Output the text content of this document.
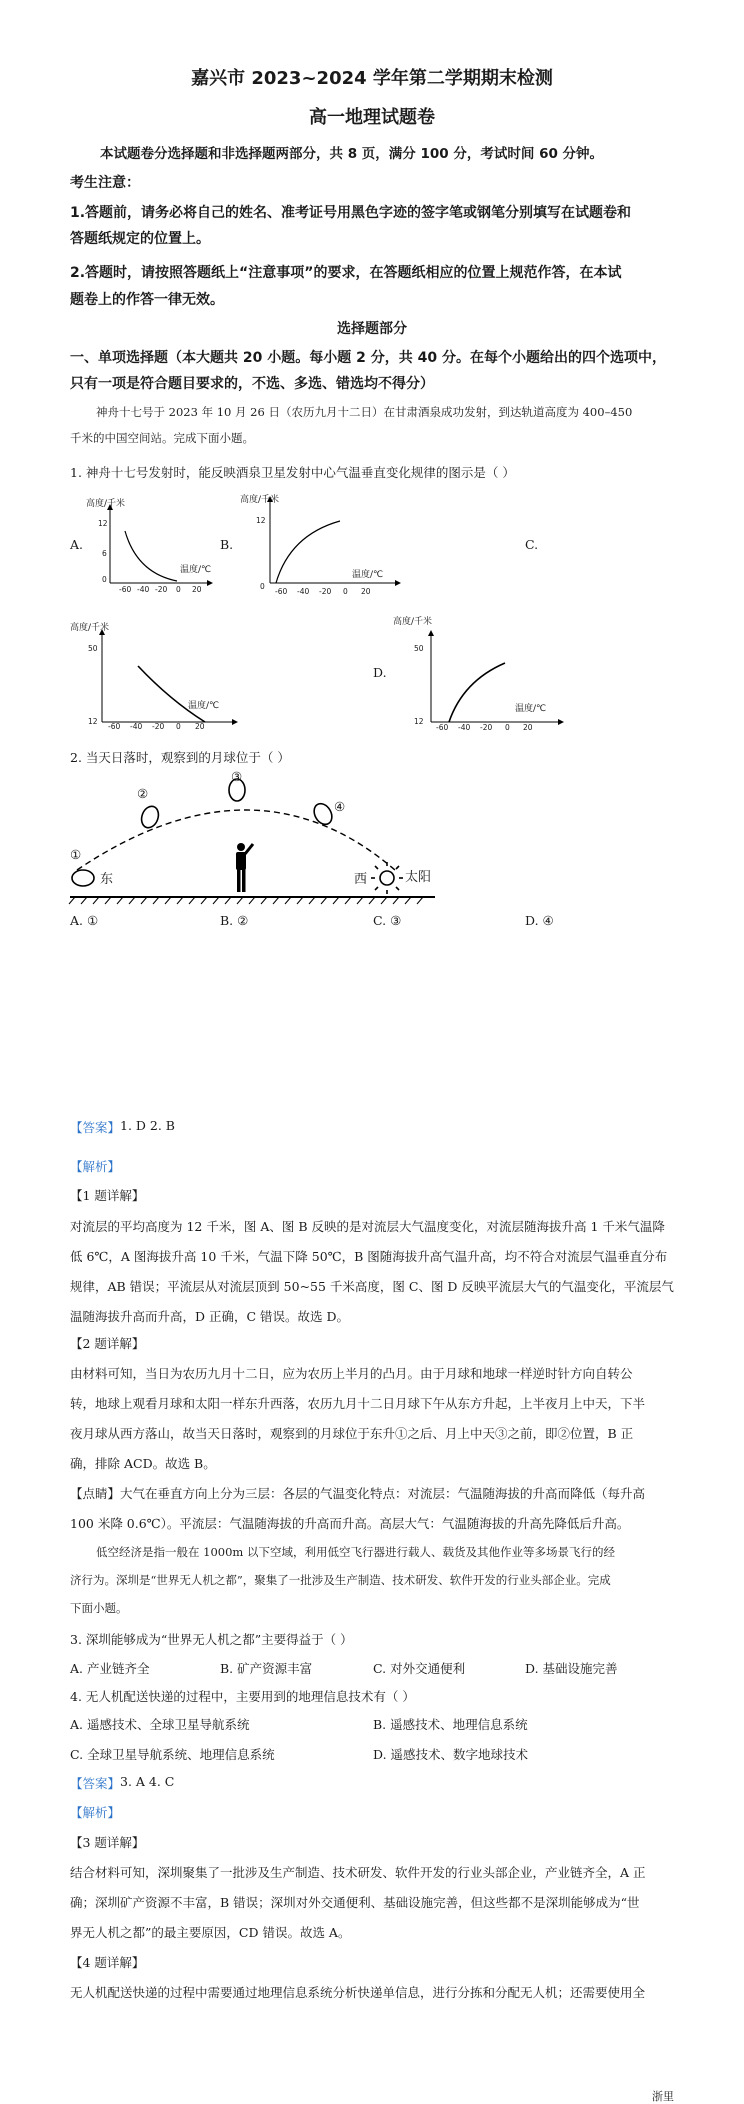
嘉兴市 2023~2024 学年第二学期期末检测
高一地理试题卷
本试题卷分选择题和非选择题两部分，共 8 页，满分 100 分，考试时间 60 分钟。
考生注意：
1.答题前，请务必将自己的姓名、准考证号用黑色字迹的签字笔或钢笔分别填写在试题卷和
答题纸规定的位置上。
2.答题时，请按照答题纸上“注意事项”的要求，在答题纸相应的位置上规范作答，在本试
题卷上的作答一律无效。
选择题部分
一、单项选择题（本大题共 20 小题。每小题 2 分，共 40 分。在每个小题给出的四个选项中，
只有一项是符合题目要求的，不选、多选、错选均不得分）
神舟十七号于 2023 年 10 月 26 日（农历九月十二日）在甘肃酒泉成功发射，到达轨道高度为 400–450
千米的中国空间站。完成下面小题。
1. 神舟十七号发射时，能反映酒泉卫星发射中心气温垂直变化规律的图示是（ ）
A.	B.	C.
D.
高度/千米
12
6
0
温度/℃
-60 -40 -20 0 20
高度/千米
12
0
温度/℃
-60 -40 -20 0 20
高度/千米
50
12
温度/℃
-60 -40 -20 0 20
高度/千米
50
12
温度/℃
-60 -40 -20 0 20
2. 当天日落时，观察到的月球位于（ ）
①
②
③
④
东	西	太阳
A. ①	B. ②	C. ③	D. ④
【答案】 1. D 2. B
【解析】
【1 题详解】
对流层的平均高度为 12 千米，图 A、图 B 反映的是对流层大气温度变化，对流层随海拔升高 1 千米气温降
低 6℃，A 图海拔升高 10 千米，气温下降 50℃，B 图随海拔升高气温升高，均不符合对流层气温垂直分布
规律，AB 错误；平流层从对流层顶到 50~55 千米高度，图 C、图 D 反映平流层大气的气温变化，平流层气
温随海拔升高而升高，D 正确，C 错误。故选 D。
【2 题详解】
由材料可知，当日为农历九月十二日，应为农历上半月的凸月。由于月球和地球一样逆时针方向自转公
转，地球上观看月球和太阳一样东升西落，农历九月十二日月球下午从东方升起，上半夜月上中天，下半
夜月球从西方落山，故当天日落时，观察到的月球位于东升①之后、月上中天③之前，即②位置，B 正
确，排除 ACD。故选 B。
【点睛】大气在垂直方向上分为三层：各层的气温变化特点：对流层：气温随海拔的升高而降低（每升高
100 米降 0.6℃）。平流层：气温随海拔的升高而升高。高层大气：气温随海拔的升高先降低后升高。
低空经济是指一般在 1000m 以下空域，利用低空飞行器进行载人、载货及其他作业等多场景飞行的经
济行为。深圳是“世界无人机之都”，聚集了一批涉及生产制造、技术研发、软件开发的行业头部企业。完成
下面小题。
3. 深圳能够成为“世界无人机之都”主要得益于（ ）
A. 产业链齐全	B. 矿产资源丰富	C. 对外交通便利	D. 基础设施完善
4. 无人机配送快递的过程中，主要用到的地理信息技术有（ ）
A. 遥感技术、全球卫星导航系统	B. 遥感技术、地理信息系统
C. 全球卫星导航系统、地理信息系统	D. 遥感技术、数字地球技术
【答案】 3. A 4. C
【解析】
【3 题详解】
结合材料可知，深圳聚集了一批涉及生产制造、技术研发、软件开发的行业头部企业，产业链齐全，A 正
确；深圳矿产资源不丰富，B 错误；深圳对外交通便利、基础设施完善，但这些都不是深圳能够成为“世
界无人机之都”的最主要原因，CD 错误。故选 A。
【4 题详解】
无人机配送快递的过程中需要通过地理信息系统分析快递单信息，进行分拣和分配无人机；还需要使用全
浙里
